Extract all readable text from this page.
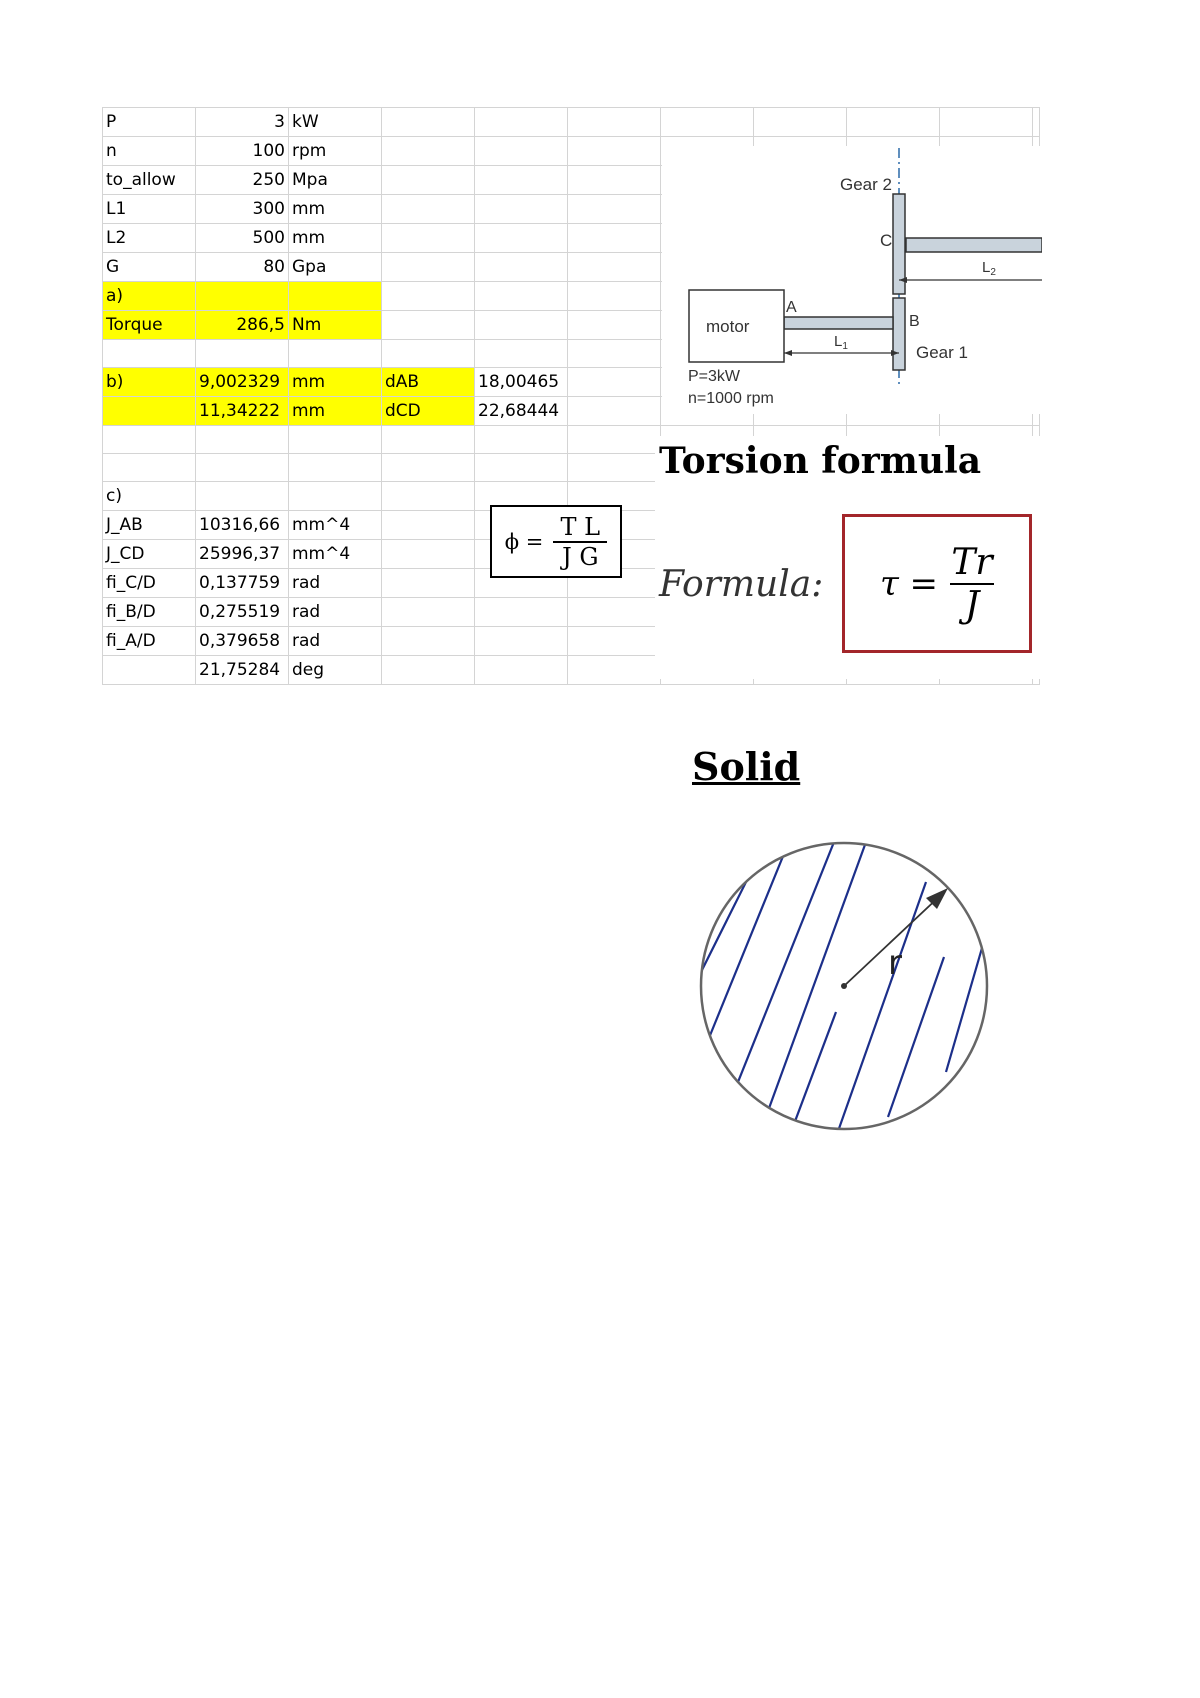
P	3	kW								
n	100	rpm								
to_allow	250	Mpa								
L1	300	mm								
L2	500	mm								
G	80	Gpa								
a)										
Torque	286,5	Nm								

b)	9,002329	mm	dAB	18,00465						
	11,34222	mm	dCD	22,68444						

c)										
J_AB	10316,66	mm^4								
J_CD	25996,37	mm^4								
fi_C/D	0,137759	rad								
fi_B/D	0,275519	rad								
fi_A/D	0,379658	rad								
	21,75284	deg								
Gear 2
C
A
B
Gear 1
motor
$L_1$
$L_2$
P=3kW
n=1000 rpm
$\phi = \frac{\text{T L}}{\text{J G}}$
Torsion formula
Formula: $\tau = \frac{Tr}{J}$
Solid
r
